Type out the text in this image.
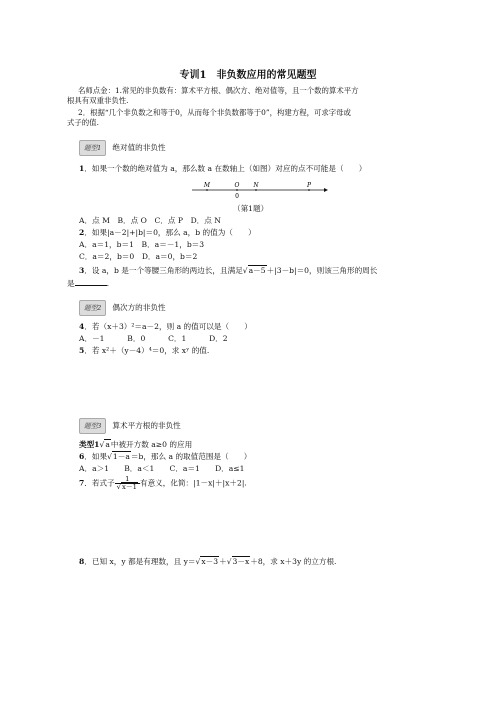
专训1　非负数应用的常见题型
名师点金：1.常见的非负数有：算术平方根、偶次方、绝对值等，且一个数的算术平方
根具有双重非负性.
2．根据“几个非负数之和等于0，从而每个非负数都等于0”，构建方程，可求字母或
式子的值.
题型1 绝对值的非负性
1．如果一个数的绝对值为 a，那么数 a 在数轴上（如图）对应的点不可能是（　　）
M	O N	P
0
（第1题）
A．点 M　B．点 O　C．点 P　D．点 N
2．如果|a－2|+|b|＝0，那么 a，b 的值为（　　）
A．a＝1，b＝1　B．a＝－1，b＝3
C．a＝2，b＝0　D．a＝0，b＝2
3．设 a，b 是一个等腰三角形的两边长，且满足√a－5＋|3－b|＝0，则该三角形的周长
是	.
题型2 偶次方的非负性
4．若（x＋3）²＝a－2，则 a 的值可以是（　　）
A．－1　　　B．0　　　C．1　　　D．2
5．若 x²＋（y－4）⁴＝0，求 xʸ 的值.
题型3 算术平方根的非负性
类型1√a中被开方数 a≥0 的应用
6．如果√1－a＝b，那么 a 的取值范围是（　　）
A．a＞1　　B．a＜1　　C．a＝1　　D．a≤1
7．若式子 $\frac{1}{√x-1}$ 有意义，化简：|1－x|＋|x＋2|.
8．已知 x，y 都是有理数，且 y＝√x－3＋√3－x＋8，求 x＋3y 的立方根.
